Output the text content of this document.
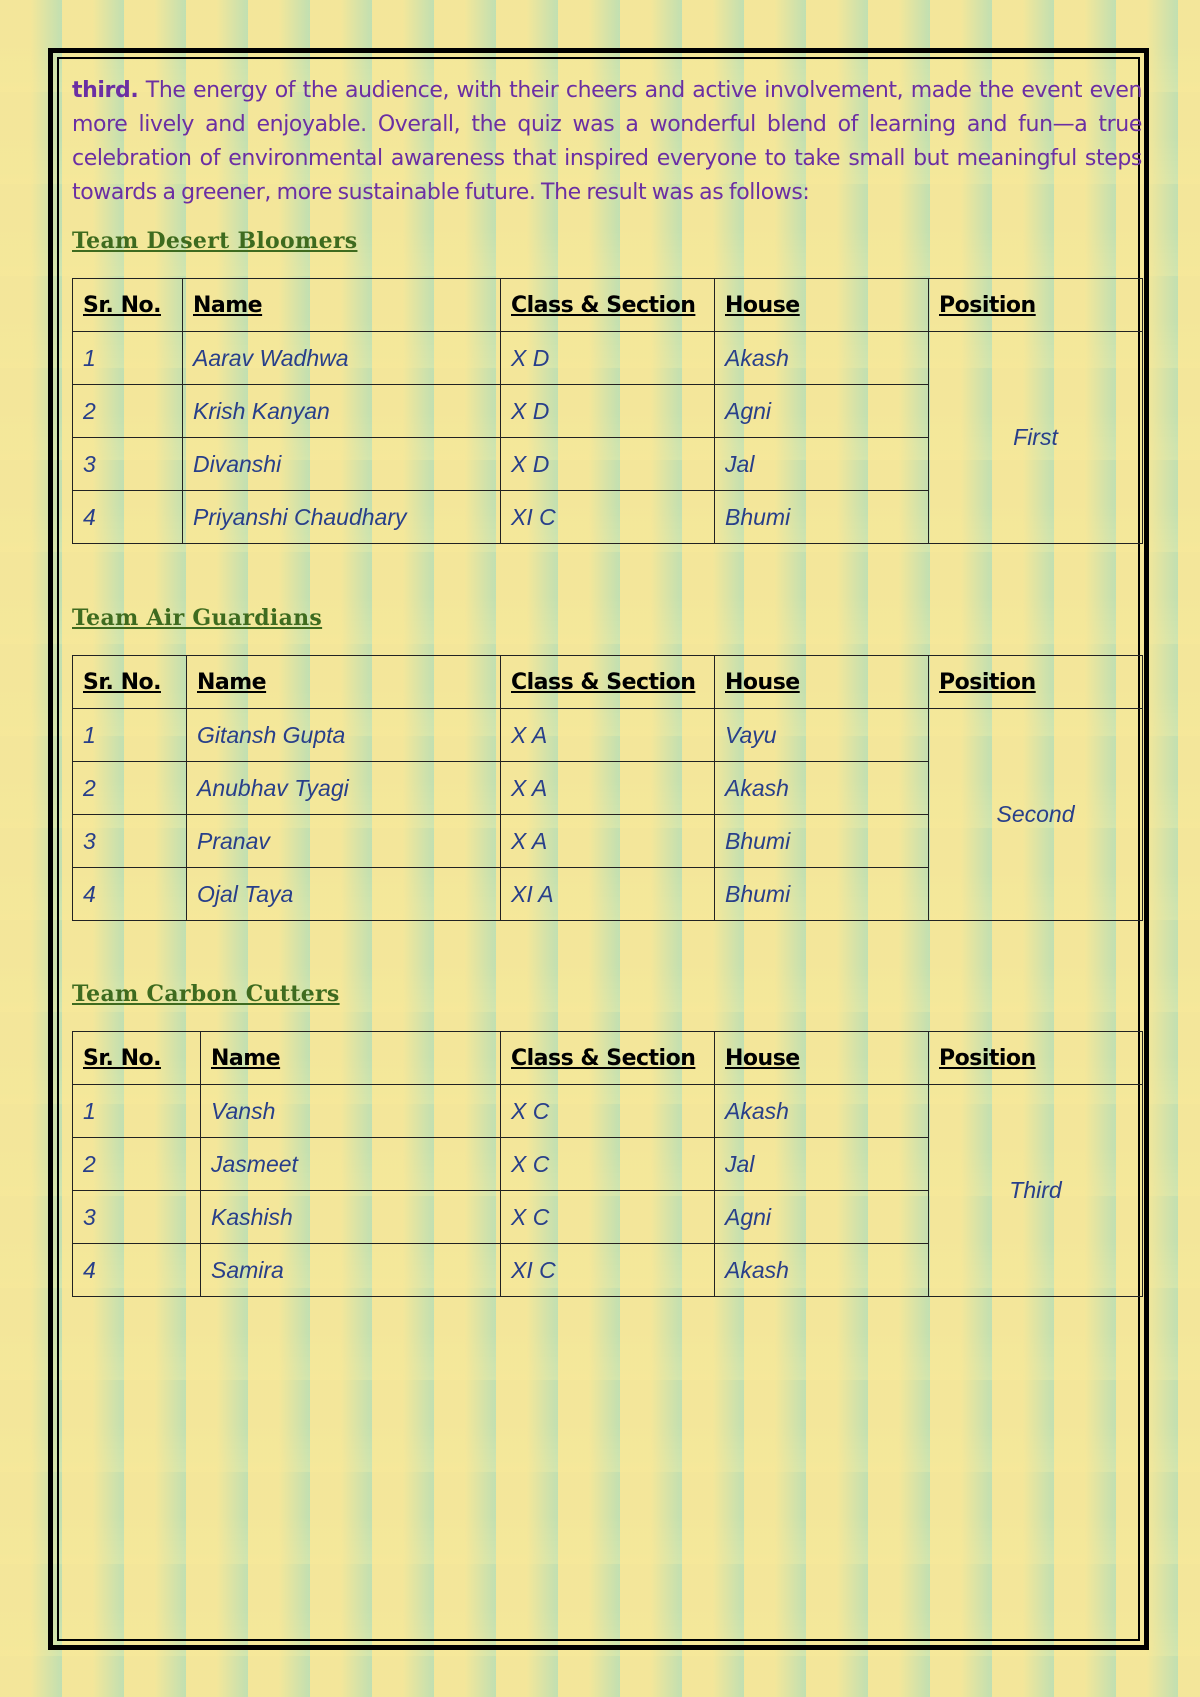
third. The energy of the audience, with their cheers and active involvement, made the event even more lively and enjoyable. Overall, the quiz was a wonderful blend of learning and fun—a true celebration of environmental awareness that inspired everyone to take small but meaningful steps towards a greener, more sustainable future. The result was as follows:

Team Desert Bloomers
Sr. No.	Name	Class & Section	House	Position
1	Aarav Wadhwa	X D	Akash	First
2	Krish Kanyan	X D	Agni	
3	Divanshi	X D	Jal	
4	Priyanshi Chaudhary	XI C	Bhumi	
Team Air Guardians
Sr. No.	Name	Class & Section	House	Position
1	Gitansh Gupta	X A	Vayu	Second
2	Anubhav Tyagi	X A	Akash	
3	Pranav	X A	Bhumi	
4	Ojal Taya	XI A	Bhumi	
Team Carbon Cutters
Sr. No.	Name	Class & Section	House	Position
1	Vansh	X C	Akash	Third
2	Jasmeet	X C	Jal	
3	Kashish	X C	Agni	
4	Samira	XI C	Akash	
